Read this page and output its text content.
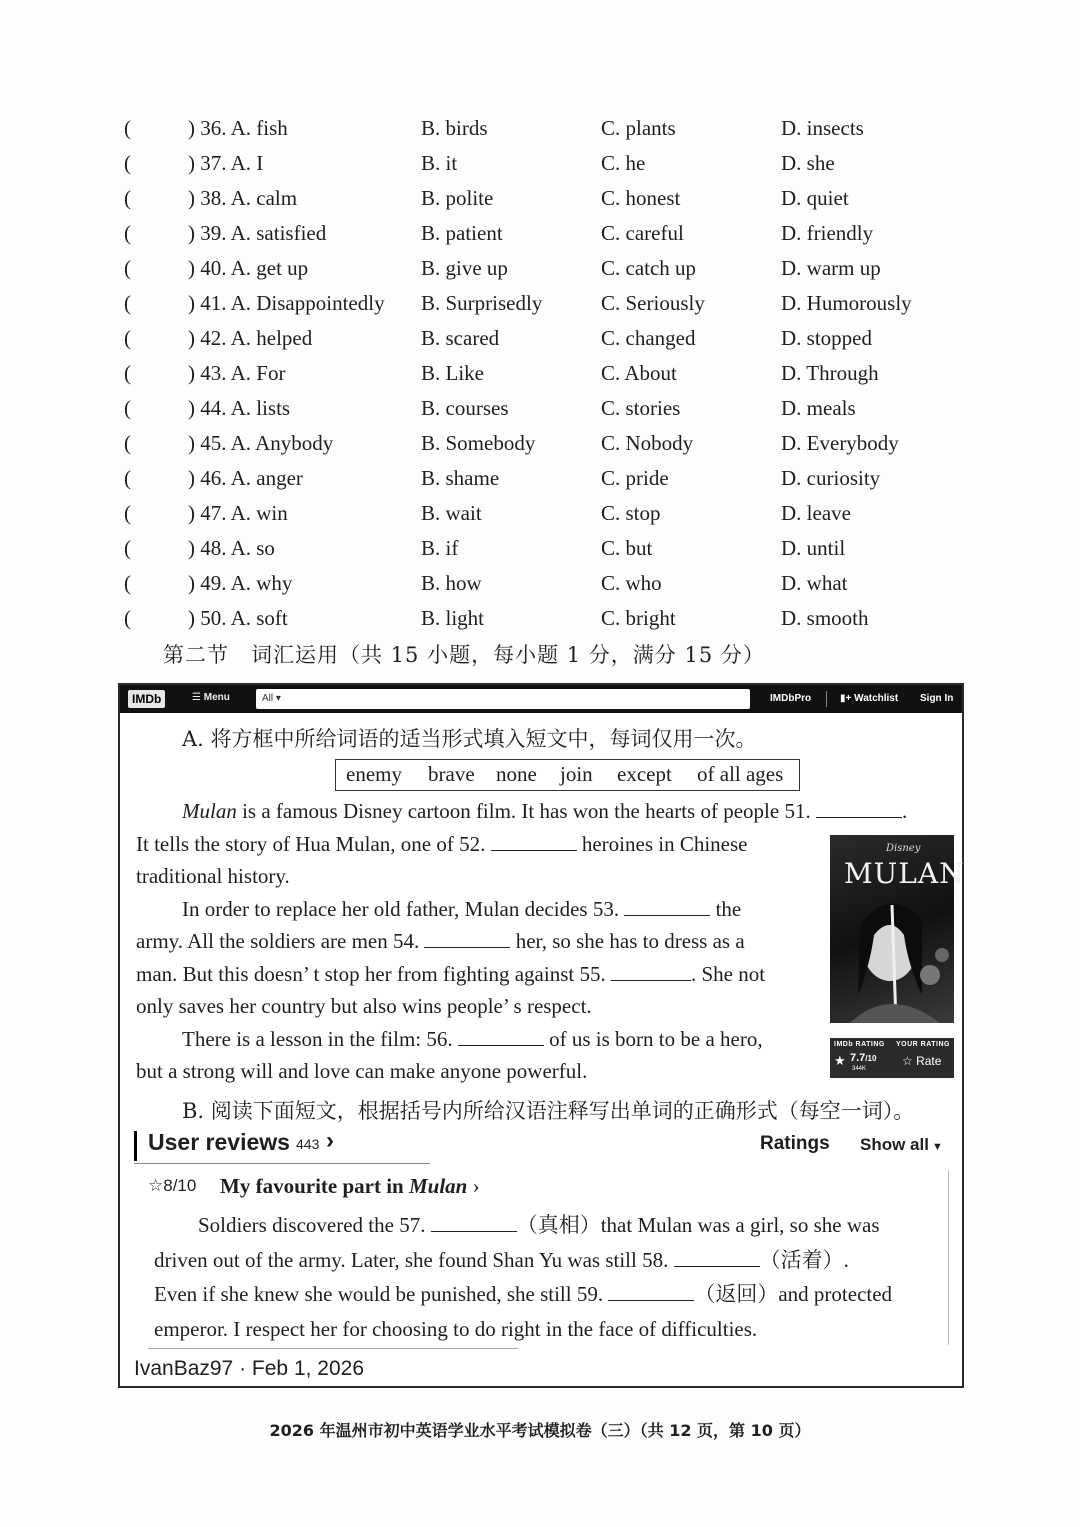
(	) 36. A. fish	B. birds	C. plants	D. insects
(	) 37. A. I	B. it	C. he	D. she
(	) 38. A. calm	B. polite	C. honest	D. quiet
(	) 39. A. satisfied	B. patient	C. careful	D. friendly
(	) 40. A. get up	B. give up	C. catch up	D. warm up
(	) 41. A. Disappointedly B. Surprisedly	C. Seriously	D. Humorously
(	) 42. A. helped	B. scared	C. changed	D. stopped
(	) 43. A. For	B. Like	C. About	D. Through
(	) 44. A. lists	B. courses	C. stories	D. meals
(	) 45. A. Anybody	B. Somebody	C. Nobody	D. Everybody
(	) 46. A. anger	B. shame	C. pride	D. curiosity
(	) 47. A. win	B. wait	C. stop	D. leave
(	) 48. A. so	B. if	C. but	D. until
(	) 49. A. why	B. how	C. who	D. what
(	) 50. A. soft	B. light	C. bright	D. smooth
第二节　词汇运用（共 15 小题，每小题 1 分，满分 15 分）
IMDb	☰ Menu	All ▾	IMDbPro	▮+ Watchlist Sign In
A. 将方框中所给词语的适当形式填入短文中，每词仅用一次。
enemy brave none join except of all ages
Mulan is a famous Disney cartoon film. It has won the hearts of people 51.	.
It tells the story of Hua Mulan, one of 52.	heroines in Chinese
traditional history.
In order to replace her old father, Mulan decides 53.	the
army. All the soldiers are men 54.	her, so she has to dress as a
man. But this doesn’ t stop her from fighting against 55.	. She not
only saves her country but also wins people’ s respect.
There is a lesson in the film: 56.	of us is born to be a hero,
but a strong will and love can make anyone powerful.
Disney
MULAN
IMDb RATING YOUR RATING
★ 7.7/10
344K
☆ Rate
B. 阅读下面短文，根据括号内所给汉语注释写出单词的正确形式（每空一词）。
User reviews 443 ›	Ratings Show all ▼
☆8/10 My favourite part in Mulan ›
Soldiers discovered the 57.	（真相）that Mulan was a girl, so she was
driven out of the army. Later, she found Shan Yu was still 58.	（活着）.
Even if she knew she would be punished, she still 59.	（返回）and protected
emperor. I respect her for choosing to do right in the face of difficulties.
IvanBaz97 · Feb 1, 2026
2026 年温州市初中英语学业水平考试模拟卷（三）（共 12 页，第 10 页）
